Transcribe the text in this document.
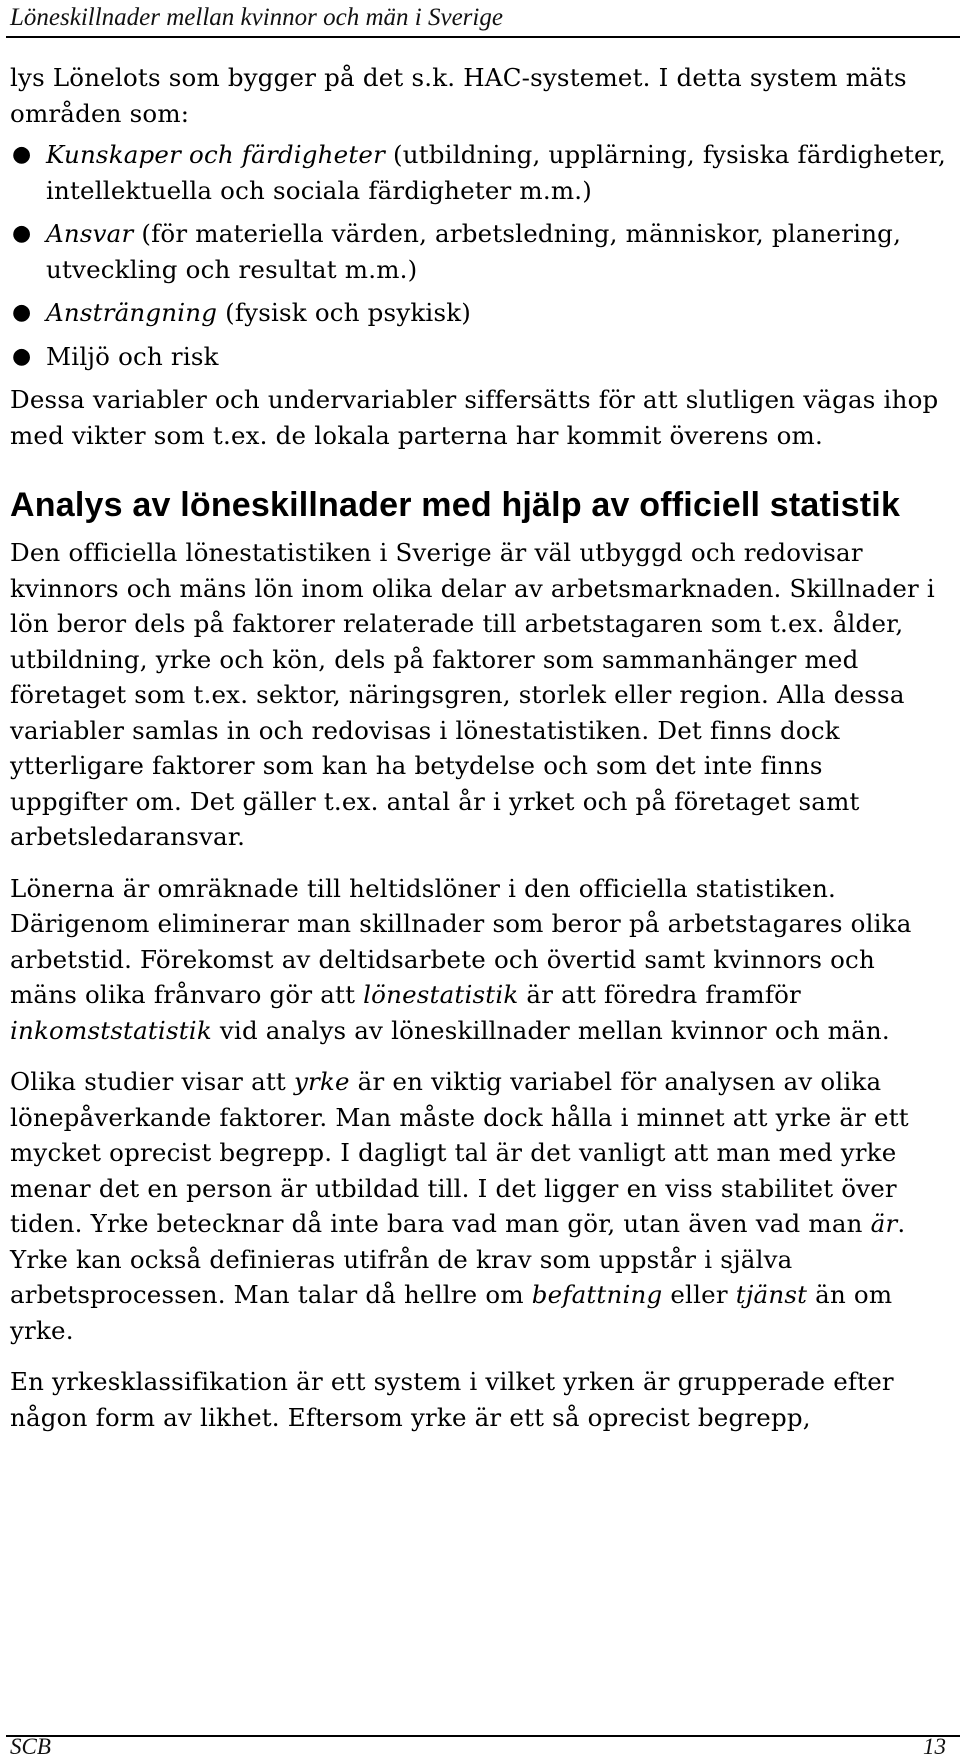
Löneskillnader mellan kvinnor och män i Sverige

lys Lönelots som bygger på det s.k. HAC-systemet. I detta system mäts områden som:

● Kunskaper och färdigheter (utbildning, upplärning, fysiska färdigheter, intellektuella och sociala färdigheter m.m.)
● Ansvar (för materiella värden, arbetsledning, människor, planering, utveckling och resultat m.m.)
● Ansträngning (fysisk och psykisk)
● Miljö och risk

Dessa variabler och undervariabler siffersätts för att slutligen vägas ihop med vikter som t.ex. de lokala parterna har kommit överens om.

Analys av löneskillnader med hjälp av officiell statistik

Den officiella lönestatistiken i Sverige är väl utbyggd och redovisar kvinnors och mäns lön inom olika delar av arbetsmarknaden. Skillnader i lön beror dels på faktorer relaterade till arbetstagaren som t.ex. ålder, utbildning, yrke och kön, dels på faktorer som sammanhänger med företaget som t.ex. sektor, näringsgren, storlek eller region. Alla dessa variabler samlas in och redovisas i lönestatistiken. Det finns dock ytterligare faktorer som kan ha betydelse och som det inte finns uppgifter om. Det gäller t.ex. antal år i yrket och på företaget samt arbetsledaransvar.

Lönerna är omräknade till heltidslöner i den officiella statistiken. Därigenom eliminerar man skillnader som beror på arbetstagares olika arbetstid. Förekomst av deltidsarbete och övertid samt kvinnors och mäns olika frånvaro gör att lönestatistik är att föredra framför inkomststatistik vid analys av löneskillnader mellan kvinnor och män.

Olika studier visar att yrke är en viktig variabel för analysen av olika lönepåverkande faktorer. Man måste dock hålla i minnet att yrke är ett mycket oprecist begrepp. I dagligt tal är det vanligt att man med yrke menar det en person är utbildad till. I det ligger en viss stabilitet över tiden. Yrke betecknar då inte bara vad man gör, utan även vad man är. Yrke kan också definieras utifrån de krav som uppstår i själva arbetsprocessen. Man talar då hellre om befattning eller tjänst än om yrke.

En yrkesklassifikation är ett system i vilket yrken är grupperade efter någon form av likhet. Eftersom yrke är ett så oprecist begrepp,

SCB	13
